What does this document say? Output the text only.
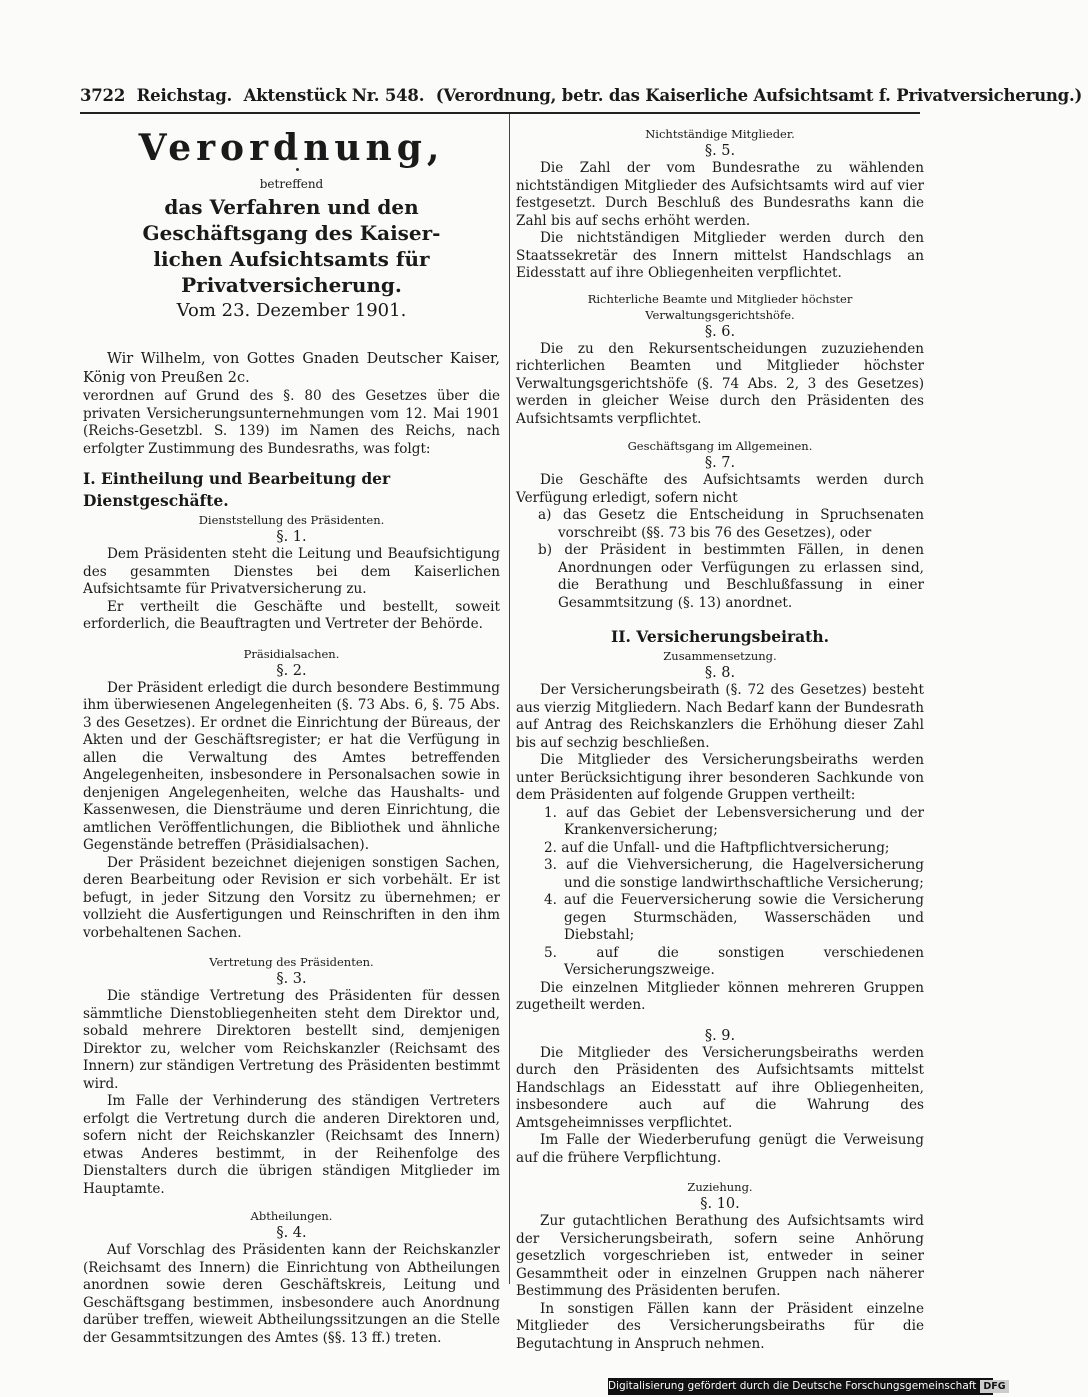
3722 Reichstag. Aktenstück Nr. 548. (Verordnung, betr. das Kaiserliche Aufsichtsamt f. Privatversicherung.)

Verordnung,

betreffend

das Verfahren und den Geschäftsgang des Kaiser-

lichen Aufsichtsamts für Privatversicherung.

Vom 23. Dezember 1901.

Wir Wilhelm, von Gottes Gnaden Deutscher Kaiser, König von Preußen 2c.

verordnen auf Grund des §. 80 des Gesetzes über die privaten Versicherungsunternehmungen vom 12. Mai 1901 (Reichs-Gesetzbl. S. 139) im Namen des Reichs, nach erfolgter Zustimmung des Bundesraths, was folgt:

I. Eintheilung und Bearbeitung der Dienstgeschäfte.

Dienststellung des Präsidenten.

§. 1.

Dem Präsidenten steht die Leitung und Beaufsichtigung des gesammten Dienstes bei dem Kaiserlichen Aufsichtsamte für Privatversicherung zu.

Er vertheilt die Geschäfte und bestellt, soweit erforderlich, die Beauftragten und Vertreter der Behörde.

Präsidialsachen.

§. 2.

Der Präsident erledigt die durch besondere Bestimmung ihm überwiesenen Angelegenheiten (§. 73 Abs. 6, §. 75 Abs. 3 des Gesetzes). Er ordnet die Einrichtung der Büreaus, der Akten und der Geschäftsregister; er hat die Verfügung in allen die Verwaltung des Amtes betreffenden Angelegenheiten, insbesondere in Personalsachen sowie in denjenigen Angelegenheiten, welche das Haushalts- und Kassenwesen, die Diensträume und deren Einrichtung, die amtlichen Veröffentlichungen, die Bibliothek und ähnliche Gegenstände betreffen (Präsidialsachen).

Der Präsident bezeichnet diejenigen sonstigen Sachen, deren Bearbeitung oder Revision er sich vorbehält. Er ist befugt, in jeder Sitzung den Vorsitz zu übernehmen; er vollzieht die Ausfertigungen und Reinschriften in den ihm vorbehaltenen Sachen.

Vertretung des Präsidenten.

§. 3.

Die ständige Vertretung des Präsidenten für dessen sämmtliche Dienstobliegenheiten steht dem Direktor und, sobald mehrere Direktoren bestellt sind, demjenigen Direktor zu, welcher vom Reichskanzler (Reichsamt des Innern) zur ständigen Vertretung des Präsidenten bestimmt wird.

Im Falle der Verhinderung des ständigen Vertreters erfolgt die Vertretung durch die anderen Direktoren und, sofern nicht der Reichskanzler (Reichsamt des Innern) etwas Anderes bestimmt, in der Reihenfolge des Dienstalters durch die übrigen ständigen Mitglieder im Hauptamte.

Abtheilungen.

§. 4.

Auf Vorschlag des Präsidenten kann der Reichskanzler (Reichsamt des Innern) die Einrichtung von Abtheilungen anordnen sowie deren Geschäftskreis, Leitung und Geschäftsgang bestimmen, insbesondere auch Anordnung darüber treffen, wieweit Abtheilungssitzungen an die Stelle der Gesammtsitzungen des Amtes (§§. 13 ff.) treten.

Nichtständige Mitglieder.

§. 5.

Die Zahl der vom Bundesrathe zu wählenden nichtständigen Mitglieder des Aufsichtsamts wird auf vier festgesetzt. Durch Beschluß des Bundesraths kann die Zahl bis auf sechs erhöht werden.

Die nichtständigen Mitglieder werden durch den Staatssekretär des Innern mittelst Handschlags an Eidesstatt auf ihre Obliegenheiten verpflichtet.

Richterliche Beamte und Mitglieder höchster Verwaltungsgerichtshöfe.

§. 6.

Die zu den Rekursentscheidungen zuzuziehenden richterlichen Beamten und Mitglieder höchster Verwaltungsgerichtshöfe (§. 74 Abs. 2, 3 des Gesetzes) werden in gleicher Weise durch den Präsidenten des Aufsichtsamts verpflichtet.

Geschäftsgang im Allgemeinen.

§. 7.

Die Geschäfte des Aufsichtsamts werden durch Verfügung erledigt, sofern nicht

a) das Gesetz die Entscheidung in Spruchsenaten vorschreibt (§§. 73 bis 76 des Gesetzes), oder

b) der Präsident in bestimmten Fällen, in denen Anordnungen oder Verfügungen zu erlassen sind, die Berathung und Beschlußfassung in einer Gesammtsitzung (§. 13) anordnet.

II. Versicherungsbeirath.

Zusammensetzung.

§. 8.

Der Versicherungsbeirath (§. 72 des Gesetzes) besteht aus vierzig Mitgliedern. Nach Bedarf kann der Bundesrath auf Antrag des Reichskanzlers die Erhöhung dieser Zahl bis auf sechzig beschließen.

Die Mitglieder des Versicherungsbeiraths werden unter Berücksichtigung ihrer besonderen Sachkunde von dem Präsidenten auf folgende Gruppen vertheilt:

1. auf das Gebiet der Lebensversicherung und der Krankenversicherung;

2. auf die Unfall- und die Haftpflichtversicherung;

3. auf die Viehversicherung, die Hagelversicherung und die sonstige landwirthschaftliche Versicherung;

4. auf die Feuerversicherung sowie die Versicherung gegen Sturmschäden, Wasserschäden und Diebstahl;

5. auf die sonstigen verschiedenen Versicherungszweige.

Die einzelnen Mitglieder können mehreren Gruppen zugetheilt werden.

§. 9.

Die Mitglieder des Versicherungsbeiraths werden durch den Präsidenten des Aufsichtsamts mittelst Handschlags an Eidesstatt auf ihre Obliegenheiten, insbesondere auch auf die Wahrung des Amtsgeheimnisses verpflichtet.

Im Falle der Wiederberufung genügt die Verweisung auf die frühere Verpflichtung.

Zuziehung.

§. 10.

Zur gutachtlichen Berathung des Aufsichtsamts wird der Versicherungsbeirath, sofern seine Anhörung gesetzlich vorgeschrieben ist, entweder in seiner Gesammtheit oder in einzelnen Gruppen nach näherer Bestimmung des Präsidenten berufen.

In sonstigen Fällen kann der Präsident einzelne Mitglieder des Versicherungsbeiraths für die Begutachtung in Anspruch nehmen.

Digitalisierung gefördert durch die Deutsche Forschungsgemeinschaft DFG
